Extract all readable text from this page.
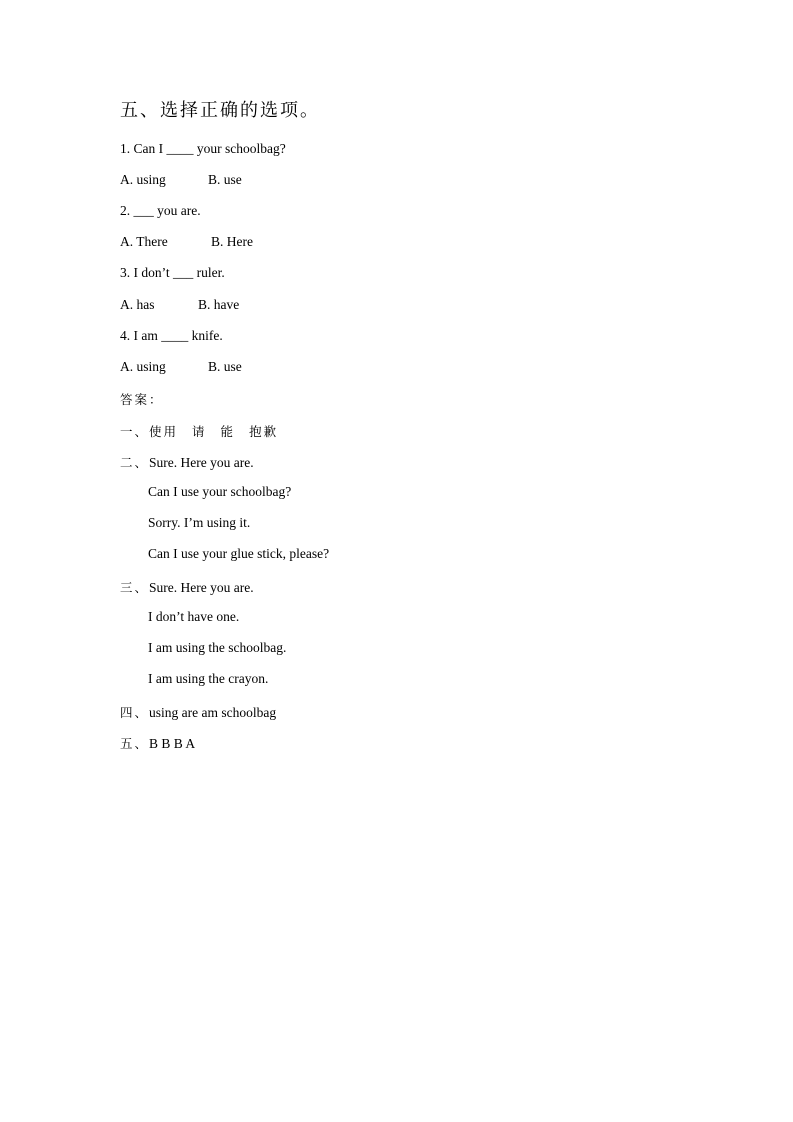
五、选择正确的选项。
1. Can I ____ your schoolbag?
A. using	B. use
2. ___ you are.
A. There	B. Here
3. I don’t ___ ruler.
A. has	B. have
4. I am ____ knife.
A. using	B. use
答案：
一、使用 请 能 抱歉
二、Sure. Here you are.
Can I use your schoolbag?
Sorry. I’m using it.
Can I use your glue stick, please?
三、Sure. Here you are.
I don’t have one.
I am using the schoolbag.
I am using the crayon.
四、using are am schoolbag
五、B B B A
